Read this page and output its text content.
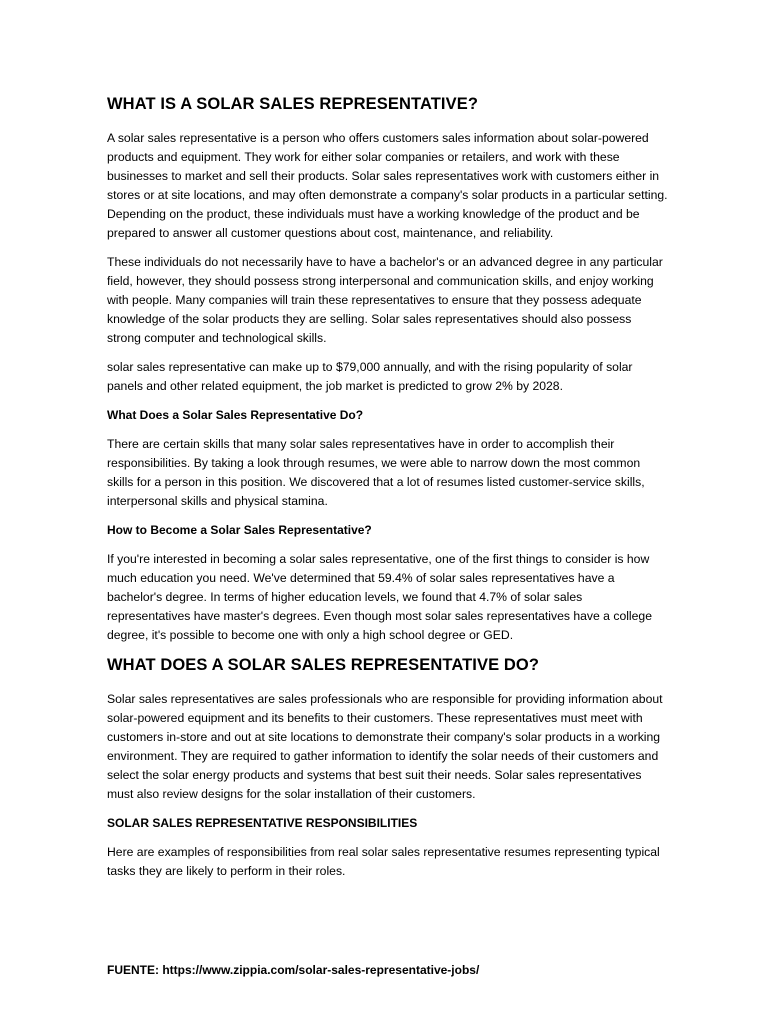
WHAT IS A SOLAR SALES REPRESENTATIVE?

A solar sales representative is a person who offers customers sales information about solar-powered products and equipment. They work for either solar companies or retailers, and work with these businesses to market and sell their products. Solar sales representatives work with customers either in stores or at site locations, and may often demonstrate a company's solar products in a particular setting. Depending on the product, these individuals must have a working knowledge of the product and be prepared to answer all customer questions about cost, maintenance, and reliability.

These individuals do not necessarily have to have a bachelor's or an advanced degree in any particular field, however, they should possess strong interpersonal and communication skills, and enjoy working with people. Many companies will train these representatives to ensure that they possess adequate knowledge of the solar products they are selling. Solar sales representatives should also possess strong computer and technological skills.

solar sales representative can make up to $79,000 annually, and with the rising popularity of solar panels and other related equipment, the job market is predicted to grow 2% by 2028.

What Does a Solar Sales Representative Do?

There are certain skills that many solar sales representatives have in order to accomplish their responsibilities. By taking a look through resumes, we were able to narrow down the most common skills for a person in this position. We discovered that a lot of resumes listed customer-service skills, interpersonal skills and physical stamina.

How to Become a Solar Sales Representative?

If you're interested in becoming a solar sales representative, one of the first things to consider is how much education you need. We've determined that 59.4% of solar sales representatives have a bachelor's degree. In terms of higher education levels, we found that 4.7% of solar sales representatives have master's degrees. Even though most solar sales representatives have a college degree, it's possible to become one with only a high school degree or GED.

WHAT DOES A SOLAR SALES REPRESENTATIVE DO?

Solar sales representatives are sales professionals who are responsible for providing information about solar-powered equipment and its benefits to their customers. These representatives must meet with customers in-store and out at site locations to demonstrate their company's solar products in a working environment. They are required to gather information to identify the solar needs of their customers and select the solar energy products and systems that best suit their needs. Solar sales representatives must also review designs for the solar installation of their customers.

SOLAR SALES REPRESENTATIVE RESPONSIBILITIES

Here are examples of responsibilities from real solar sales representative resumes representing typical tasks they are likely to perform in their roles.

FUENTE: https://www.zippia.com/solar-sales-representative-jobs/
